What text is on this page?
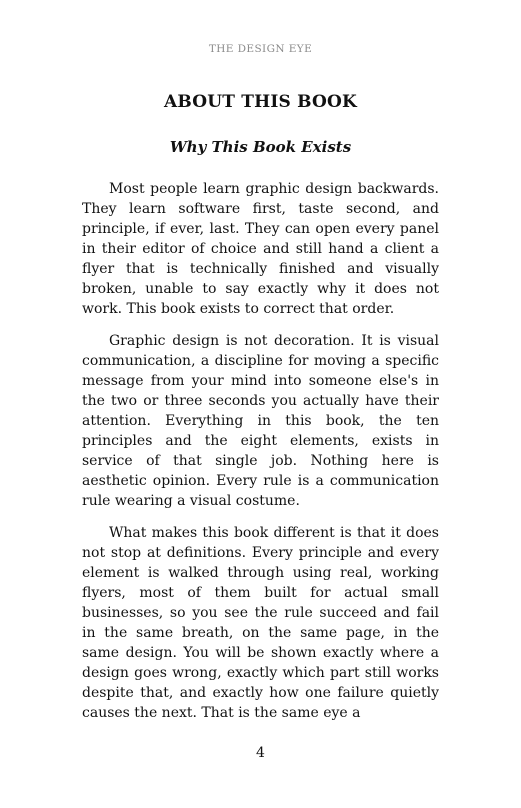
THE DESIGN EYE
ABOUT THIS BOOK
Why This Book Exists

Most people learn graphic design backwards. They learn software first, taste second, and principle, if ever, last. They can open every panel in their editor of choice and still hand a client a flyer that is technically finished and visually broken, unable to say exactly why it does not work. This book exists to correct that order.

Graphic design is not decoration. It is visual communication, a discipline for moving a specific message from your mind into someone else's in the two or three seconds you actually have their attention. Everything in this book, the ten principles and the eight elements, exists in service of that single job. Nothing here is aesthetic opinion. Every rule is a communication rule wearing a visual costume.

What makes this book different is that it does not stop at definitions. Every principle and every element is walked through using real, working flyers, most of them built for actual small businesses, so you see the rule succeed and fail in the same breath, on the same page, in the same design. You will be shown exactly where a design goes wrong, exactly which part still works despite that, and exactly how one failure quietly causes the next. That is the same eye a

4
